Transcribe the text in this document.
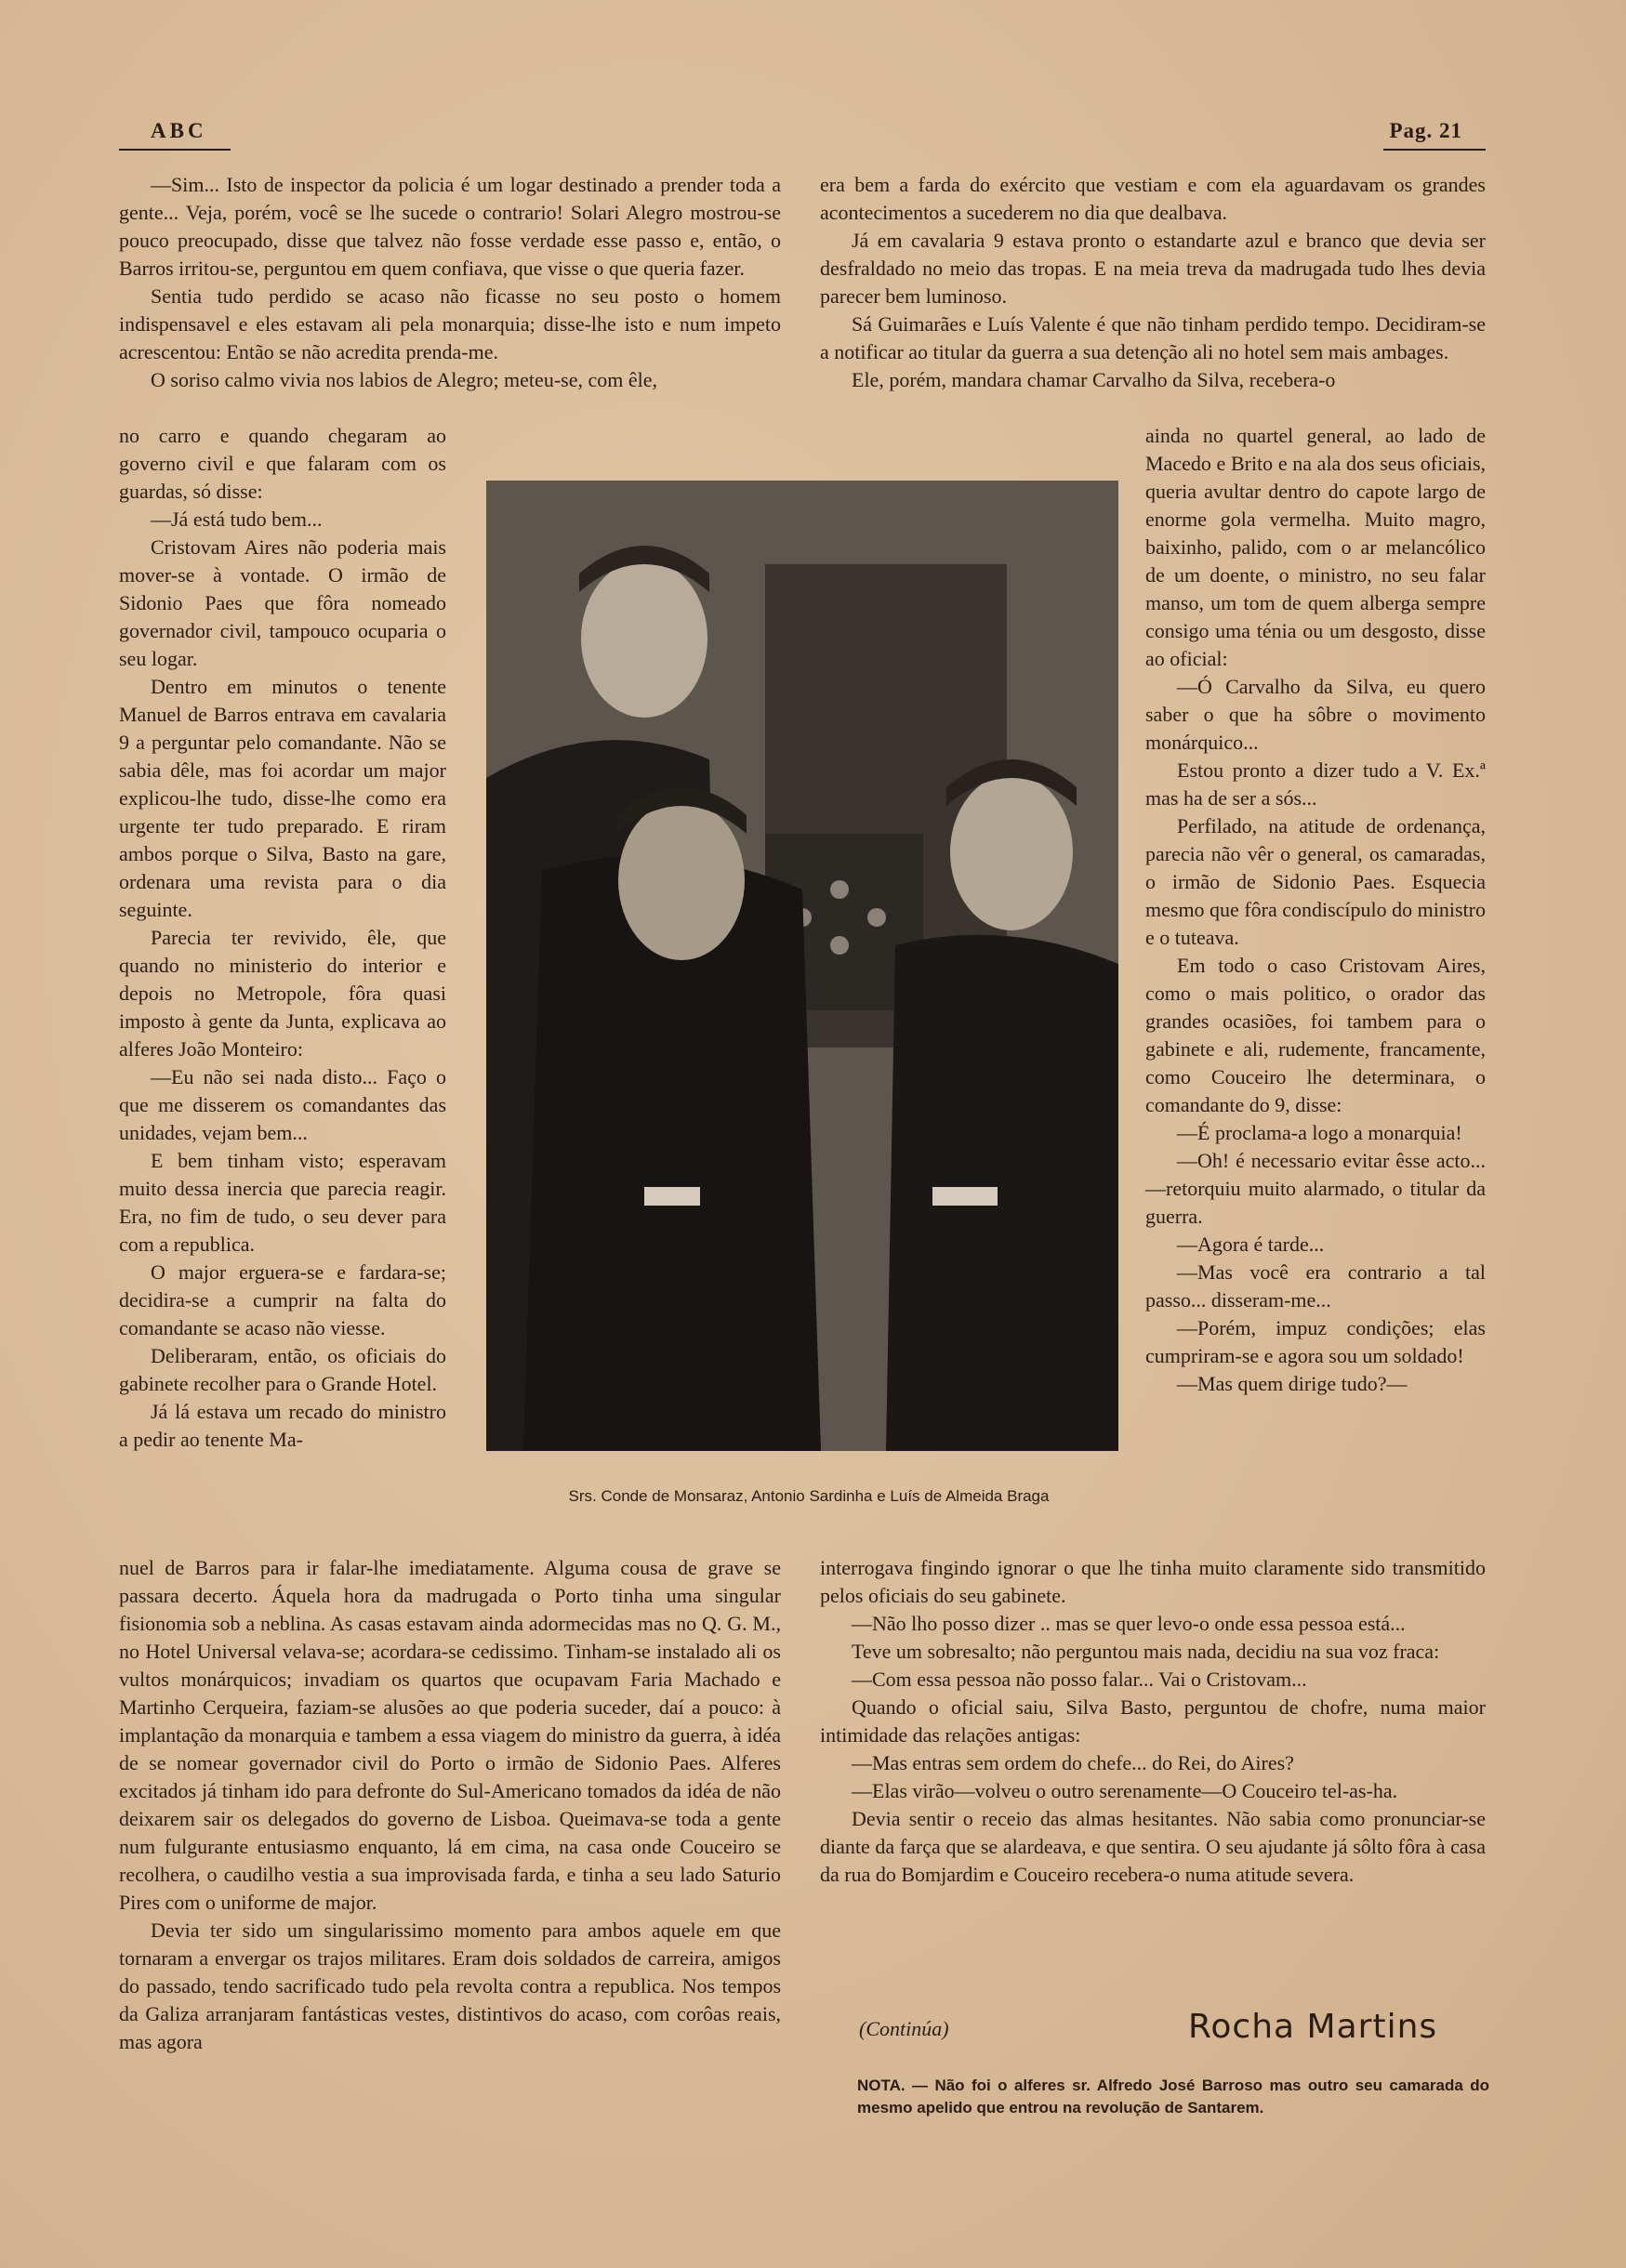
ABC	Pag. 21

—Sim... Isto de inspector da policia é um logar destinado a prender toda a gente... Veja, porém, você se lhe sucede o contrario! Solari Alegro mostrou-se pouco preocupado, disse que talvez não fosse verdade esse passo e, então, o Barros irritou-se, perguntou em quem confiava, que visse o que queria fazer.

Sentia tudo perdido se acaso não ficasse no seu posto o homem indispensavel e eles estavam ali pela monarquia; disse-lhe isto e num impeto acrescentou: Então se não acredita prenda-me.

O soriso calmo vivia nos labios de Alegro; meteu-se, com êle,

no carro e quando chegaram ao governo civil e que falaram com os guardas, só disse:

—Já está tudo bem...

Cristovam Aires não poderia mais mover-se à vontade. O irmão de Sidonio Paes que fôra nomeado governador civil, tampouco ocuparia o seu logar.

Dentro em minutos o tenente Manuel de Barros entrava em cavalaria 9 a perguntar pelo comandante. Não se sabia dêle, mas foi acordar um major explicou-lhe tudo, disse-lhe como era urgente ter tudo preparado. E riram ambos porque o Silva, Basto na gare, ordenara uma revista para o dia seguinte.

Parecia ter revivido, êle, que quando no ministerio do interior e depois no Metropole, fôra quasi imposto à gente da Junta, explicava ao alferes João Monteiro:

—Eu não sei nada disto... Faço o que me disserem os comandantes das unidades, vejam bem...

E bem tinham visto; esperavam muito dessa inercia que parecia reagir. Era, no fim de tudo, o seu dever para com a republica.

O major erguera-se e fardara-se; decidira-se a cumprir na falta do comandante se acaso não viesse.

Deliberaram, então, os oficiais do gabinete recolher para o Grande Hotel.

Já lá estava um recado do ministro a pedir ao tenente Ma-

nuel de Barros para ir falar-lhe imediatamente. Alguma cousa de grave se passara decerto. Áquela hora da madrugada o Porto tinha uma singular fisionomia sob a neblina. As casas estavam ainda adormecidas mas no Q. G. M., no Hotel Universal velava-se; acordara-se cedissimo. Tinham-se instalado ali os vultos monárquicos; invadiam os quartos que ocupavam Faria Machado e Martinho Cerqueira, faziam-se alusões ao que poderia suceder, daí a pouco: à implantação da monarquia e tambem a essa viagem do ministro da guerra, à idéa de se nomear governador civil do Porto o irmão de Sidonio Paes. Alferes excitados já tinham ido para defronte do Sul-Americano tomados da idéa de não deixarem sair os delegados do governo de Lisboa. Queimava-se toda a gente num fulgurante entusiasmo enquanto, lá em cima, na casa onde Couceiro se recolhera, o caudilho vestia a sua improvisada farda, e tinha a seu lado Saturio Pires com o uniforme de major.

Devia ter sido um singularissimo momento para ambos aquele em que tornaram a envergar os trajos militares. Eram dois soldados de carreira, amigos do passado, tendo sacrificado tudo pela revolta contra a republica. Nos tempos da Galiza arranjaram fantásticas vestes, distintivos do acaso, com corôas reais, mas agora

era bem a farda do exército que vestiam e com ela aguardavam os grandes acontecimentos a sucederem no dia que dealbava.

Já em cavalaria 9 estava pronto o estandarte azul e branco que devia ser desfraldado no meio das tropas. E na meia treva da madrugada tudo lhes devia parecer bem luminoso.

Sá Guimarães e Luís Valente é que não tinham perdido tempo. Decidiram-se a notificar ao titular da guerra a sua detenção ali no hotel sem mais ambages.

Ele, porém, mandara chamar Carvalho da Silva, recebera-o

ainda no quartel general, ao lado de Macedo e Brito e na ala dos seus oficiais, queria avultar dentro do capote largo de enorme gola vermelha. Muito magro, baixinho, palido, com o ar melancólico de um doente, o ministro, no seu falar manso, um tom de quem alberga sempre consigo uma ténia ou um desgosto, disse ao oficial:

—Ó Carvalho da Silva, eu quero saber o que ha sôbre o movimento monárquico...

Estou pronto a dizer tudo a V. Ex.ª mas ha de ser a sós...

Perfilado, na atitude de ordenança, parecia não vêr o general, os camaradas, o irmão de Sidonio Paes. Esquecia mesmo que fôra condiscípulo do ministro e o tuteava.

Em todo o caso Cristovam Aires, como o mais politico, o orador das grandes ocasiões, foi tambem para o gabinete e ali, rudemente, francamente, como Couceiro lhe determinara, o comandante do 9, disse:

—É proclama-a logo a monarquia!

—Oh! é necessario evitar êsse acto...—retorquiu muito alarmado, o titular da guerra.

—Agora é tarde...

—Mas você era contrario a tal passo... disseram-me...

—Porém, impuz condições; elas cumpriram-se e agora sou um soldado!

—Mas quem dirige tudo?—

interrogava fingindo ignorar o que lhe tinha muito claramente sido transmitido pelos oficiais do seu gabinete.

—Não lho posso dizer .. mas se quer levo-o onde essa pessoa está...

Teve um sobresalto; não perguntou mais nada, decidiu na sua voz fraca:

—Com essa pessoa não posso falar... Vai o Cristovam...

Quando o oficial saiu, Silva Basto, perguntou de chofre, numa maior intimidade das relações antigas:

—Mas entras sem ordem do chefe... do Rei, do Aires?

—Elas virão—volveu o outro serenamente—O Couceiro tel-as-ha.

Devia sentir o receio das almas hesitantes. Não sabia como pronunciar-se diante da farça que se alardeava, e que sentira. O seu ajudante já sôlto fôra à casa da rua do Bomjardim e Couceiro recebera-o numa atitude severa.

Srs. Conde de Monsaraz, Antonio Sardinha e Luís de Almeida Braga
(Continúa)	Rocha Martins
NOTA. — Não foi o alferes sr. Alfredo José Barroso mas outro seu camarada do mesmo apelido que entrou na revolução de Santarem.
